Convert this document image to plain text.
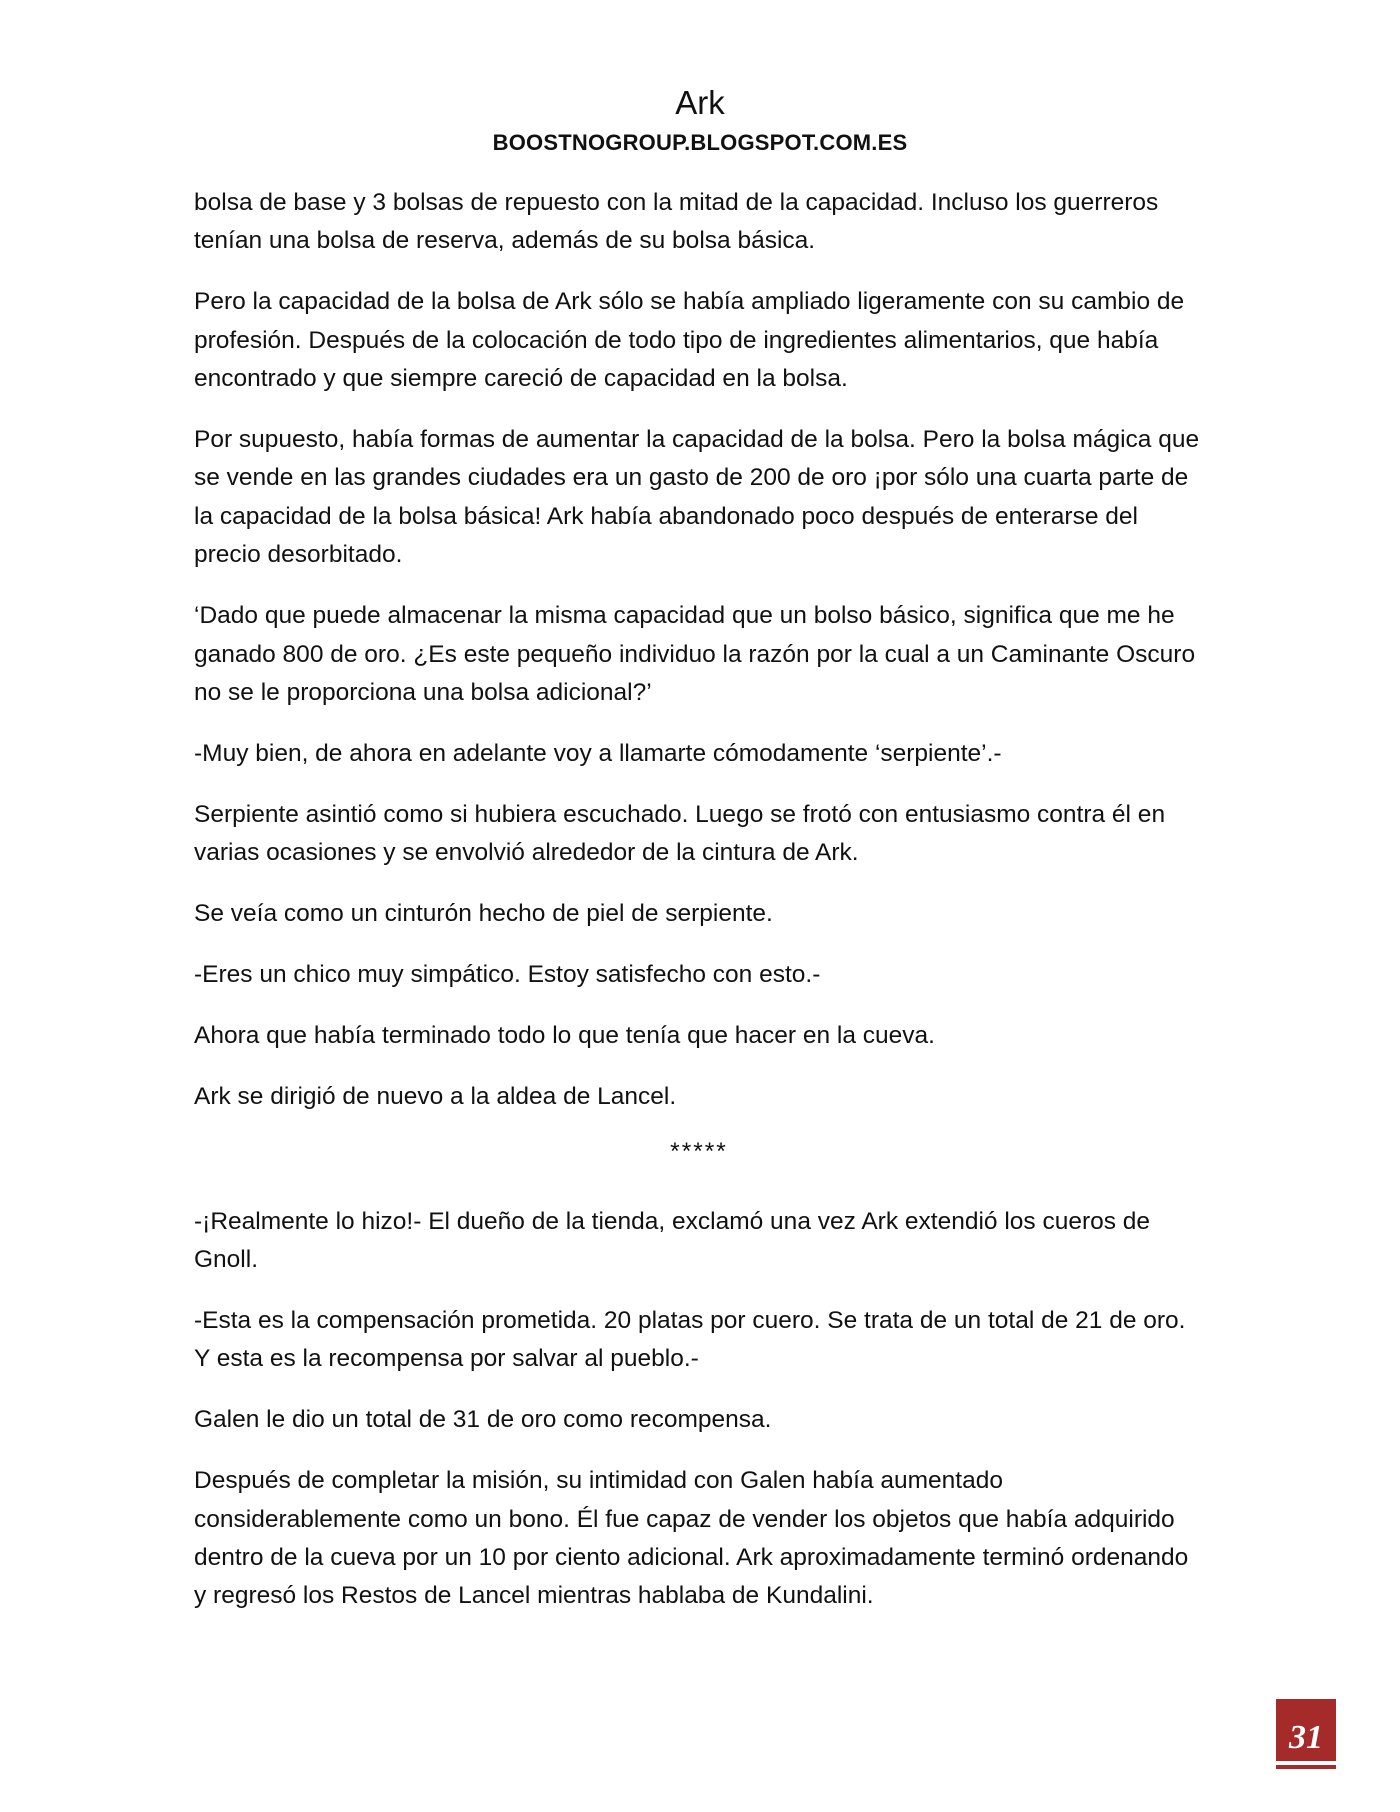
Ark
BOOSTNOGROUP.BLOGSPOT.COM.ES

bolsa de base y 3 bolsas de repuesto con la mitad de la capacidad. Incluso los guerreros tenían una bolsa de reserva, además de su bolsa básica.

Pero la capacidad de la bolsa de Ark sólo se había ampliado ligeramente con su cambio de profesión. Después de la colocación de todo tipo de ingredientes alimentarios, que había encontrado y que siempre careció de capacidad en la bolsa.

Por supuesto, había formas de aumentar la capacidad de la bolsa. Pero la bolsa mágica que se vende en las grandes ciudades era un gasto de 200 de oro ¡por sólo una cuarta parte de la capacidad de la bolsa básica! Ark había abandonado poco después de enterarse del precio desorbitado.

‘Dado que puede almacenar la misma capacidad que un bolso básico, significa que me he ganado 800 de oro. ¿Es este pequeño individuo la razón por la cual a un Caminante Oscuro no se le proporciona una bolsa adicional?’

-Muy bien, de ahora en adelante voy a llamarte cómodamente ‘serpiente’.-

Serpiente asintió como si hubiera escuchado. Luego se frotó con entusiasmo contra él en varias ocasiones y se envolvió alrededor de la cintura de Ark.

Se veía como un cinturón hecho de piel de serpiente.

-Eres un chico muy simpático. Estoy satisfecho con esto.-

Ahora que había terminado todo lo que tenía que hacer en la cueva.

Ark se dirigió de nuevo a la aldea de Lancel.

*****

-¡Realmente lo hizo!- El dueño de la tienda, exclamó una vez Ark extendió los cueros de Gnoll.

-Esta es la compensación prometida. 20 platas por cuero. Se trata de un total de 21 de oro. Y esta es la recompensa por salvar al pueblo.-

Galen le dio un total de 31 de oro como recompensa.

Después de completar la misión, su intimidad con Galen había aumentado considerablemente como un bono. Él fue capaz de vender los objetos que había adquirido dentro de la cueva por un 10 por ciento adicional. Ark aproximadamente terminó ordenando y regresó los Restos de Lancel mientras hablaba de Kundalini.

31
